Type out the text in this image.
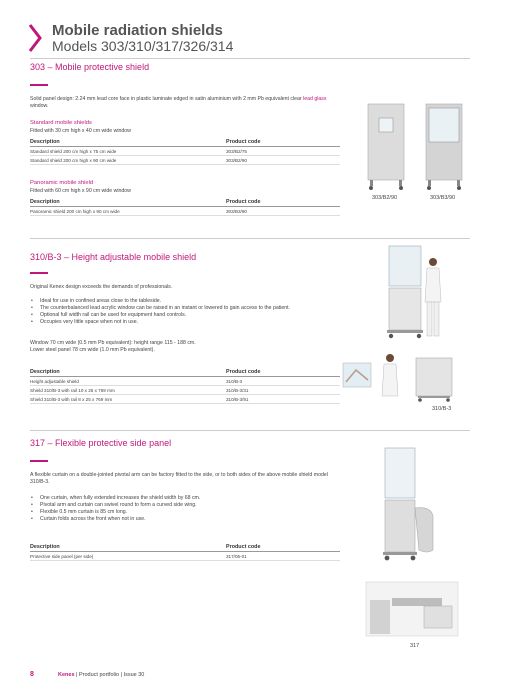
Mobile radiation shields
Models 303/310/317/326/314
303 – Mobile protective shield
Solid panel design: 2.24 mm lead core face in plastic laminate edged in satin aluminium with 2 mm Pb equivalent clear lead glass window.
Standard mobile shields
Fitted with 30 cm high x 40 cm wide window
Description	Product code
Standard shield 200 cm high x 75 cm wide	303/B2/75
Standard shield 200 cm high x 90 cm wide	303/B2/90
Panoramic mobile shield
Fitted with 60 cm high x 90 cm wide window
Description	Product code
Panoramic shield 200 cm high x 90 cm wide	303/B3/90
303/B2/90	303/B3/90
310/B-3 – Height adjustable mobile shield
Original Kenex design exceeds the demands of professionals.
• Ideal for use in confined areas close to the tableside.
• The counterbalanced lead acrylic window can be raised in an instant or lowered to gain access to the patient.
• Optional full width rail can be used for equipment hand controls.
• Occupies very little space when not in use.
Window 70 cm wide (0.5 mm Pb equivalent): height range 115 - 188 cm.
Lower steel panel 78 cm wide (1.0 mm Pb equivalent).
Description	Product code
Height adjustable shield	310/B-3
Shield 310/B-3 with rail 10 x 25 x 769 mm	310/B-3/31
Shield 310/B-3 with rail 8 x 25 x 769 mm	310/B-3/91
310/B-3
317 – Flexible protective side panel
A flexible curtain on a double-jointed pivotal arm can be factory fitted to the side, or to both sides of the above mobile shield model 310/B-3.
• One curtain, when fully extended increases the shield width by 68 cm.
• Pivotal arm and curtain can swivel round to form a curved side wing.
• Flexible 0.5 mm curtain is 85 cm long.
• Curtain folds across the front when not in use.
Description	Product code
Protective side panel (per side)	317/05-01
317
8	Kenex | Product portfolio | Issue 30
